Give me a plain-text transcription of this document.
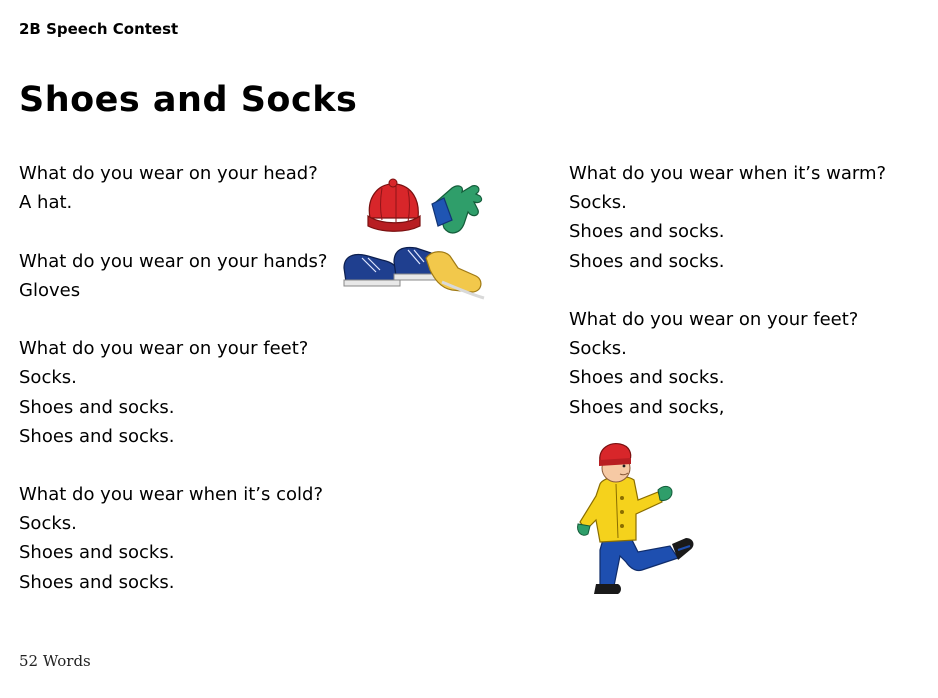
2B Speech Contest
Shoes and Socks
What do you wear on your head?
A hat.
What do you wear on your hands?
Gloves
What do you wear on your feet?
Socks.
Shoes and socks.
Shoes and socks.
What do you wear when it’s cold?
Socks.
Shoes and socks.
Shoes and socks.
What do you wear when it’s warm?
Socks.
Shoes and socks.
Shoes and socks.
What do you wear on your feet?
Socks.
Shoes and socks.
Shoes and socks,
52 Words
